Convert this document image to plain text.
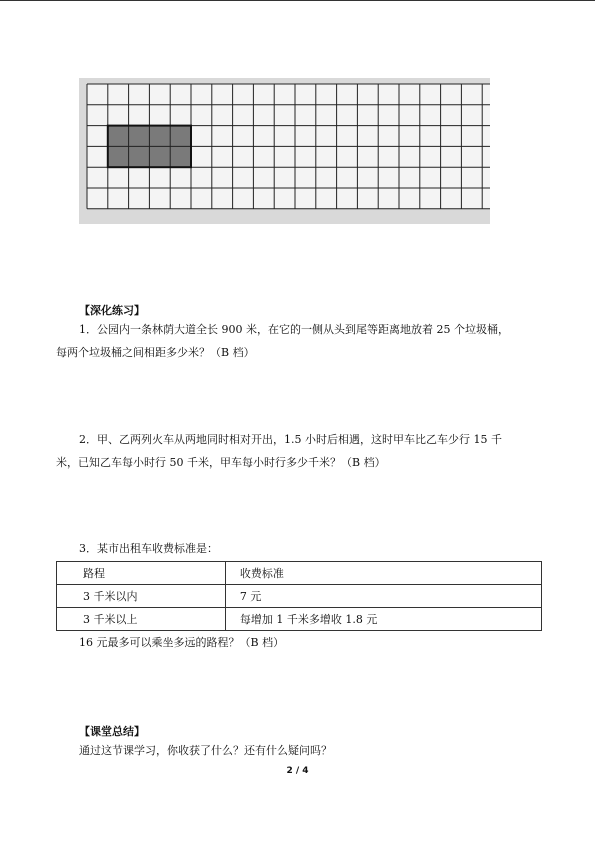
【深化练习】
1．公园内一条林荫大道全长 900 米，在它的一侧从头到尾等距离地放着 25 个垃圾桶，
每两个垃圾桶之间相距多少米？（B 档）
2．甲、乙两列火车从两地同时相对开出，1.5 小时后相遇，这时甲车比乙车少行 15 千
米，已知乙车每小时行 50 千米，甲车每小时行多少千米？（B 档）
3．某市出租车收费标准是：
路程	收费标准
3 千米以内	7 元
3 千米以上	每增加 1 千米多增收 1.8 元
16 元最多可以乘坐多远的路程？（B 档）
【课堂总结】
通过这节课学习，你收获了什么？还有什么疑问吗？
2 / 4
